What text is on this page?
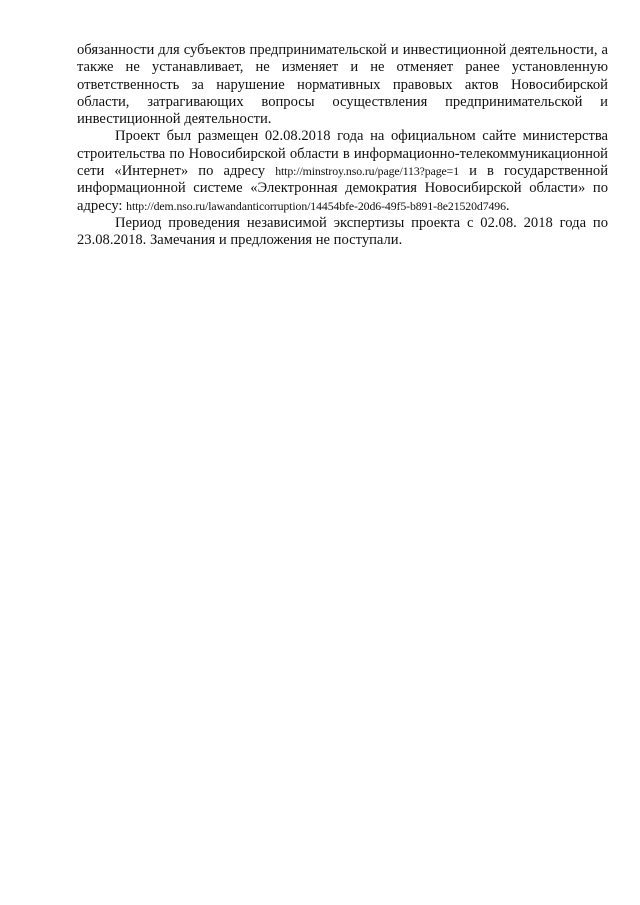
обязанности для субъектов предпринимательской и инвестиционной деятельности, а также не устанавливает, не изменяет и не отменяет ранее установленную ответственность за нарушение нормативных правовых актов Новосибирской области, затрагивающих вопросы осуществления предпринимательской и инвестиционной деятельности.

Проект был размещен 02.08.2018 года на официальном сайте министерства строительства по Новосибирской области в информационно-телекоммуникационной сети «Интернет» по адресу http://minstroy.nso.ru/page/113?page=1 и в государственной информационной системе «Электронная демократия Новосибирской области» по адресу: http://dem.nso.ru/lawandanticorruption/14454bfe-20d6-49f5-b891-8e21520d7496.

Период проведения независимой экспертизы проекта с 02.08. 2018 года по 23.08.2018. Замечания и предложения не поступали.
